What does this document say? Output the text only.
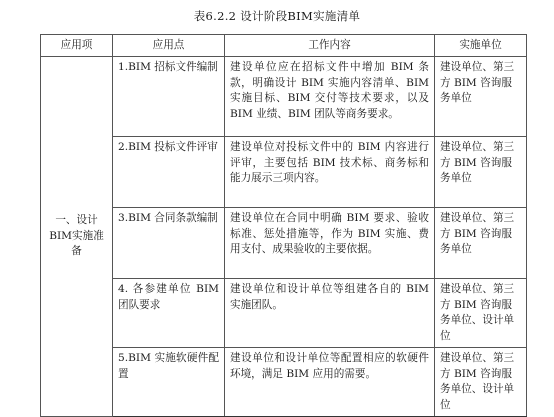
表6.2.2 设计阶段BIM实施清单
应用项	应用点	工作内容	实施单位
一、设计BIM实施准备	1.BIM 招标文件编制	建设单位应在招标文件中增加 BIM 条款，明确设计 BIM 实施内容清单、BIM 实施目标、BIM 交付等技术要求，以及 BIM 业绩、BIM 团队等商务要求。	建设单位、第三方 BIM 咨询服务单位
	2.BIM 投标文件评审	建设单位对投标文件中的 BIM 内容进行评审，主要包括 BIM 技术标、商务标和能力展示三项内容。	建设单位、第三方 BIM 咨询服务单位
	3.BIM 合同条款编制	建设单位在合同中明确 BIM 要求、验收标准、惩处措施等，作为 BIM 实施、费用支付、成果验收的主要依据。	建设单位、第三方 BIM 咨询服务单位
	4. 各参建单位 BIM 团队要求	建设单位和设计单位等组建各自的 BIM 实施团队。	建设单位、第三方 BIM 咨询服务单位、设计单位
	5.BIM 实施软硬件配置	建设单位和设计单位等配置相应的软硬件环境，满足 BIM 应用的需要。	建设单位、第三方 BIM 咨询服务单位、设计单位
